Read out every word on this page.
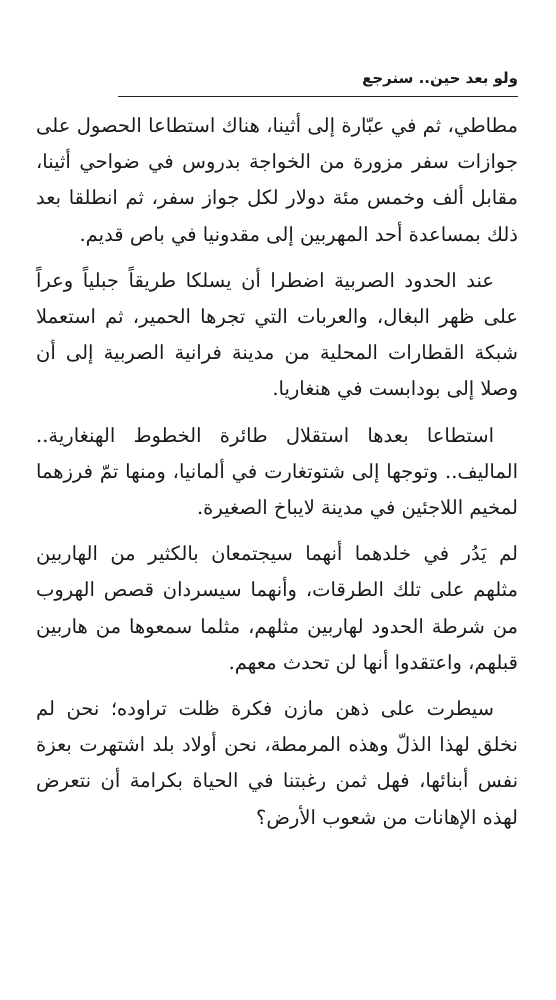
ولو بعد حين.. سنرجع

مطاطي، ثم في عبّارة إلى أثينا، هناك استطاعا الحصول على جوازات سفر مزورة من الخواجة بدروس في ضواحي أثينا، مقابل ألف وخمس مئة دولار لكل جواز سفر، ثم انطلقا بعد ذلك بمساعدة أحد المهربين إلى مقدونيا في باص قديم.

عند الحدود الصربية اضطرا أن يسلكا طريقاً جبلياً وعراً على ظهر البغال، والعربات التي تجرها الحمير، ثم استعملا شبكة القطارات المحلية من مدينة فرانية الصربية إلى أن وصلا إلى بودابست في هنغاريا.

استطاعا بعدها استقلال طائرة الخطوط الهنغارية.. الماليف.. وتوجها إلى شتوتغارت في ألمانيا، ومنها تمّ فرزهما لمخيم اللاجئين في مدينة لايباخ الصغيرة.

لم يَدُر في خلدهما أنهما سيجتمعان بالكثير من الهاربين مثلهم على تلك الطرقات، وأنهما سيسردان قصص الهروب من شرطة الحدود لهاربين مثلهم، مثلما سمعوها من هاربين قبلهم، واعتقدوا أنها لن تحدث معهم.

سيطرت على ذهن مازن فكرة ظلت تراوده؛ نحن لم نخلق لهذا الذلّ وهذه المرمطة، نحن أولاد بلد اشتهرت بعزة نفس أبنائها، فهل ثمن رغبتنا في الحياة بكرامة أن نتعرض لهذه الإهانات من شعوب الأرض؟
